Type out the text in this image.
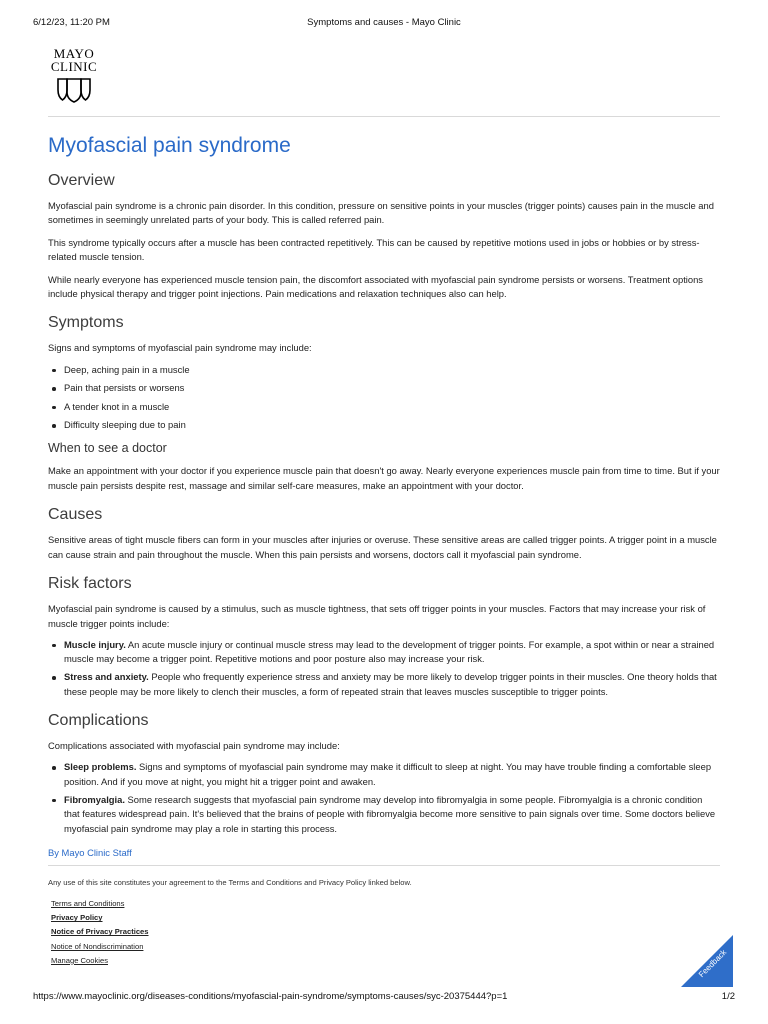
6/12/23, 11:20 PM	Symptoms and causes - Mayo Clinic
MAYO
CLINIC
Myofascial pain syndrome
Overview

Myofascial pain syndrome is a chronic pain disorder. In this condition, pressure on sensitive points in your muscles (trigger points) causes pain in the muscle and sometimes in seemingly unrelated parts of your body. This is called referred pain.

This syndrome typically occurs after a muscle has been contracted repetitively. This can be caused by repetitive motions used in jobs or hobbies or by stress-related muscle tension.

While nearly everyone has experienced muscle tension pain, the discomfort associated with myofascial pain syndrome persists or worsens. Treatment options include physical therapy and trigger point injections. Pain medications and relaxation techniques also can help.

Symptoms

Signs and symptoms of myofascial pain syndrome may include:

Deep, aching pain in a muscle
Pain that persists or worsens
A tender knot in a muscle
Difficulty sleeping due to pain
When to see a doctor

Make an appointment with your doctor if you experience muscle pain that doesn't go away. Nearly everyone experiences muscle pain from time to time. But if your muscle pain persists despite rest, massage and similar self-care measures, make an appointment with your doctor.

Causes

Sensitive areas of tight muscle fibers can form in your muscles after injuries or overuse. These sensitive areas are called trigger points. A trigger point in a muscle can cause strain and pain throughout the muscle. When this pain persists and worsens, doctors call it myofascial pain syndrome.

Risk factors

Myofascial pain syndrome is caused by a stimulus, such as muscle tightness, that sets off trigger points in your muscles. Factors that may increase your risk of muscle trigger points include:

Muscle injury. An acute muscle injury or continual muscle stress may lead to the development of trigger points. For example, a spot within or near a strained muscle may become a trigger point. Repetitive motions and poor posture also may increase your risk.
Stress and anxiety. People who frequently experience stress and anxiety may be more likely to develop trigger points in their muscles. One theory holds that these people may be more likely to clench their muscles, a form of repeated strain that leaves muscles susceptible to trigger points.
Complications

Complications associated with myofascial pain syndrome may include:

Sleep problems. Signs and symptoms of myofascial pain syndrome may make it difficult to sleep at night. You may have trouble finding a comfortable sleep position. And if you move at night, you might hit a trigger point and awaken.
Fibromyalgia. Some research suggests that myofascial pain syndrome may develop into fibromyalgia in some people. Fibromyalgia is a chronic condition that features widespread pain. It's believed that the brains of people with fibromyalgia become more sensitive to pain signals over time. Some doctors believe myofascial pain syndrome may play a role in starting this process.
By Mayo Clinic Staff
Any use of this site constitutes your agreement to the Terms and Conditions and Privacy Policy linked below.
Terms and Conditions
Privacy Policy
Notice of Privacy Practices
Notice of Nondiscrimination
Manage Cookies	Feedback
https://www.mayoclinic.org/diseases-conditions/myofascial-pain-syndrome/symptoms-causes/syc-20375444?p=1	1/2
